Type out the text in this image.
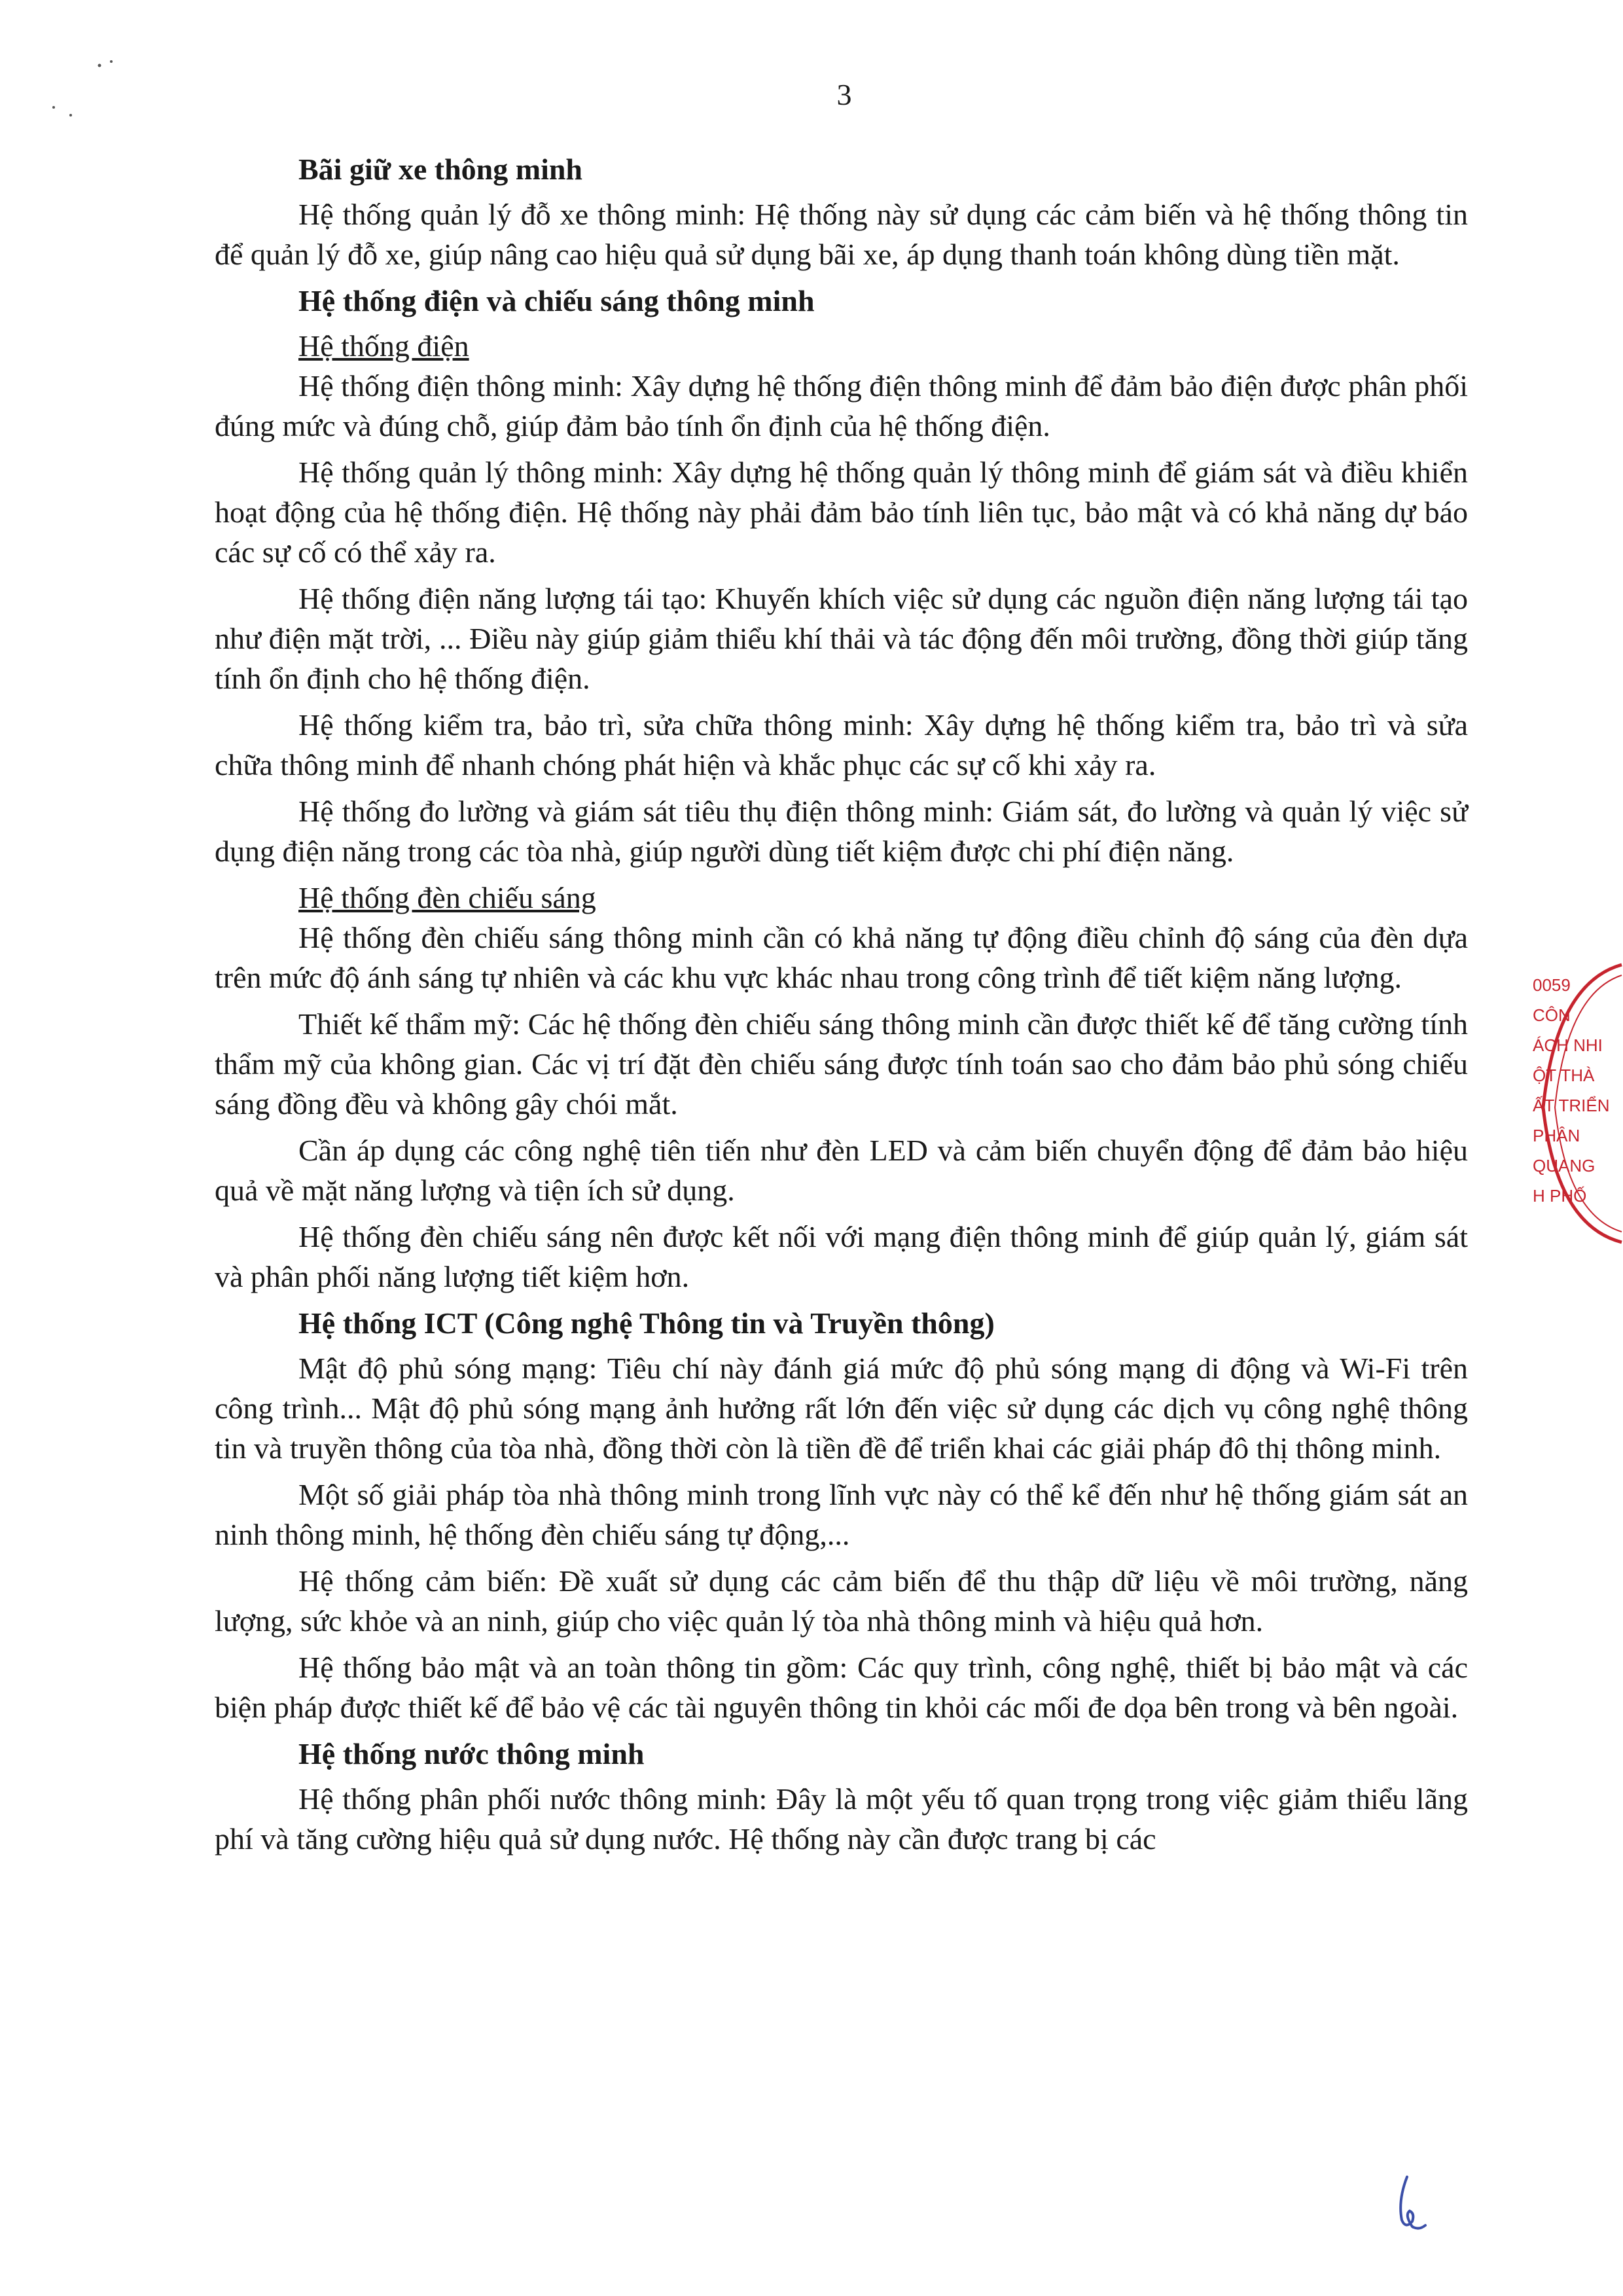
3
Bãi giữ xe thông minh

Hệ thống quản lý đỗ xe thông minh: Hệ thống này sử dụng các cảm biến và hệ thống thông tin để quản lý đỗ xe, giúp nâng cao hiệu quả sử dụng bãi xe, áp dụng thanh toán không dùng tiền mặt.

Hệ thống điện và chiếu sáng thông minh
Hệ thống điện

Hệ thống điện thông minh: Xây dựng hệ thống điện thông minh để đảm bảo điện được phân phối đúng mức và đúng chỗ, giúp đảm bảo tính ổn định của hệ thống điện.

Hệ thống quản lý thông minh: Xây dựng hệ thống quản lý thông minh để giám sát và điều khiển hoạt động của hệ thống điện. Hệ thống này phải đảm bảo tính liên tục, bảo mật và có khả năng dự báo các sự cố có thể xảy ra.

Hệ thống điện năng lượng tái tạo: Khuyến khích việc sử dụng các nguồn điện năng lượng tái tạo như điện mặt trời, ... Điều này giúp giảm thiểu khí thải và tác động đến môi trường, đồng thời giúp tăng tính ổn định cho hệ thống điện.

Hệ thống kiểm tra, bảo trì, sửa chữa thông minh: Xây dựng hệ thống kiểm tra, bảo trì và sửa chữa thông minh để nhanh chóng phát hiện và khắc phục các sự cố khi xảy ra.

Hệ thống đo lường và giám sát tiêu thụ điện thông minh: Giám sát, đo lường và quản lý việc sử dụng điện năng trong các tòa nhà, giúp người dùng tiết kiệm được chi phí điện năng.

Hệ thống đèn chiếu sáng

Hệ thống đèn chiếu sáng thông minh cần có khả năng tự động điều chỉnh độ sáng của đèn dựa trên mức độ ánh sáng tự nhiên và các khu vực khác nhau trong công trình để tiết kiệm năng lượng.

Thiết kế thẩm mỹ: Các hệ thống đèn chiếu sáng thông minh cần được thiết kế để tăng cường tính thẩm mỹ của không gian. Các vị trí đặt đèn chiếu sáng được tính toán sao cho đảm bảo phủ sóng chiếu sáng đồng đều và không gây chói mắt.

Cần áp dụng các công nghệ tiên tiến như đèn LED và cảm biến chuyển động để đảm bảo hiệu quả về mặt năng lượng và tiện ích sử dụng.

Hệ thống đèn chiếu sáng nên được kết nối với mạng điện thông minh để giúp quản lý, giám sát và phân phối năng lượng tiết kiệm hơn.

Hệ thống ICT (Công nghệ Thông tin và Truyền thông)

Mật độ phủ sóng mạng: Tiêu chí này đánh giá mức độ phủ sóng mạng di động và Wi-Fi trên công trình... Mật độ phủ sóng mạng ảnh hưởng rất lớn đến việc sử dụng các dịch vụ công nghệ thông tin và truyền thông của tòa nhà, đồng thời còn là tiền đề để triển khai các giải pháp đô thị thông minh.

Một số giải pháp tòa nhà thông minh trong lĩnh vực này có thể kể đến như hệ thống giám sát an ninh thông minh, hệ thống đèn chiếu sáng tự động,...

Hệ thống cảm biến: Đề xuất sử dụng các cảm biến để thu thập dữ liệu về môi trường, năng lượng, sức khỏe và an ninh, giúp cho việc quản lý tòa nhà thông minh và hiệu quả hơn.

Hệ thống bảo mật và an toàn thông tin gồm: Các quy trình, công nghệ, thiết bị bảo mật và các biện pháp được thiết kế để bảo vệ các tài nguyên thông tin khỏi các mối đe dọa bên trong và bên ngoài.

Hệ thống nước thông minh

Hệ thống phân phối nước thông minh: Đây là một yếu tố quan trọng trong việc giảm thiểu lãng phí và tăng cường hiệu quả sử dụng nước. Hệ thống này cần được trang bị các

0059
CÔN
ÁCH NHI
ỘT THÀ
ẤT TRIỂN
PHÂN
QUANG
H PHỐ
